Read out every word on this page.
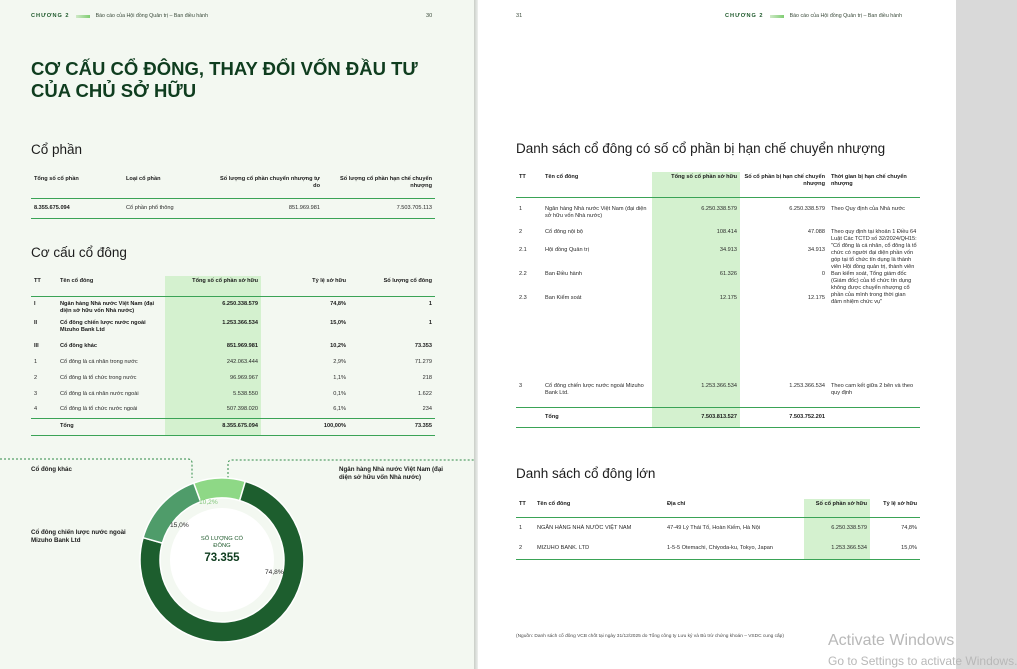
CHƯƠNG 2	Báo cáo của Hội đồng Quản trị – Ban điều hành	30
CƠ CẤU CỔ ĐÔNG, THAY ĐỔI VỐN ĐẦU TƯ CỦA CHỦ SỞ HỮU
Cổ phần
Tổng số cổ phần	Loại cổ phần	Số lượng cổ phần chuyển nhượng tự do	Số lượng cổ phần hạn chế chuyển nhượng
8.355.675.094	Cổ phần phổ thông	851.969.981	7.503.705.113
Cơ cấu cổ đông
TT	Tên cổ đông	Tổng số cổ phần sở hữu	Tỷ lệ sở hữu	Số lượng cổ đông
I	Ngân hàng Nhà nước Việt Nam (đại diện sở hữu vốn Nhà nước)	6.250.338.579	74,8%	1
II	Cổ đông chiến lược nước ngoài Mizuho Bank Ltd	1.253.366.534	15,0%	1
III	Cổ đông khác	851.969.981	10,2%	73.353
1	Cổ đông là cá nhân trong nước	242.063.444	2,9%	71.279
2	Cổ đông là tổ chức trong nước	96.969.967	1,1%	218
3	Cổ đông là cá nhân nước ngoài	5.538.550	0,1%	1.622
4	Cổ đông là tổ chức nước ngoài	507.398.020	6,1%	234
	Tổng	8.355.675.094	100,00%	73.355
Cổ đông khác
Cổ đông chiến lược nước ngoài Mizuho Bank Ltd
Ngân hàng Nhà nước Việt Nam (đại diện sở hữu vốn Nhà nước)
10,2%
15,0%
74,8%
SỐ LƯỢNG CỔ ĐÔNG
73.355
31	CHƯƠNG 2	Báo cáo của Hội đồng Quản trị – Ban điều hành
Danh sách cổ đông có số cổ phần bị hạn chế chuyển nhượng
TT	Tên cổ đông	Tổng số cổ phần sở hữu	Số cổ phần bị hạn chế chuyển nhượng	Thời gian bị hạn chế chuyển nhượng
1	Ngân hàng Nhà nước Việt Nam (đại diện sở hữu vốn Nhà nước)	6.250.338.579	6.250.338.579	Theo Quy định của Nhà nước
2	Cổ đông nội bộ	108.414	47.088	Theo quy định tại khoản 1 Điều 64 Luật Các TCTD số 32/2024/QH15: "Cổ đông là cá nhân, cổ đông là tổ chức có người đại diện phần vốn góp tại tổ chức tín dụng là thành viên Hội đồng quản trị, thành viên Ban kiểm soát, Tổng giám đốc (Giám đốc) của tổ chức tín dụng không được chuyển nhượng cổ phần của mình trong thời gian đảm nhiệm chức vụ"
2.1	Hội đồng Quản trị	34.913	34.913	
2.2	Ban Điều hành	61.326	0	
2.3	Ban Kiểm soát	12.175	12.175	
3	Cổ đông chiến lược nước ngoài Mizuho Bank Ltd.	1.253.366.534	1.253.366.534	Theo cam kết giữa 2 bên và theo quy định
	Tổng	7.503.813.527	7.503.752.201	
Danh sách cổ đông lớn
TT	Tên cổ đông	Địa chỉ	Số cổ phần sở hữu	Tỷ lệ sở hữu
1	NGÂN HÀNG NHÀ NƯỚC VIỆT NAM	47-49 Lý Thái Tổ, Hoàn Kiếm, Hà Nội	6.250.338.579	74,8%
2	MIZUHO BANK. LTD	1-5-5 Otemachi, Chiyoda-ku, Tokyo, Japan	1.253.366.534	15,0%
(Nguồn: Danh sách cổ đông VCB chốt tại ngày 31/12/2025 do Tổng công ty Lưu ký và Bù trừ chứng khoán – VSDC cung cấp)	Activate Windows
Go to Settings to activate Windows.
